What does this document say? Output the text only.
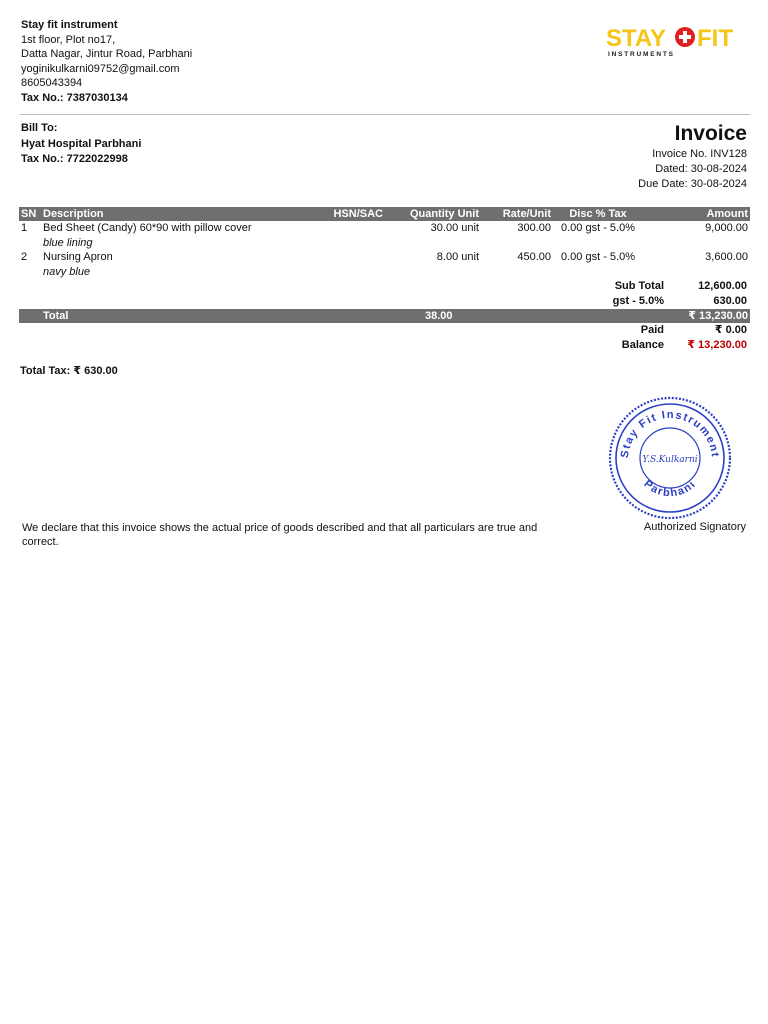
Stay fit instrument
1st floor, Plot no17,
Datta Nagar, Jintur Road, Parbhani
yoginikulkarni09752@gmail.com
8605043394
Tax No.: 7387030134
STAY FIT
I N S T R U M E N T S
Bill To:
Hyat Hospital Parbhani
Tax No.: 7722022998
Invoice
Invoice No. INV128
Dated: 30-08-2024
Due Date: 30-08-2024
SN	Description	HSN/SAC	Quantity Unit	Rate/Unit	Disc % Tax	Amount
1	Bed Sheet (Candy) 60*90 with pillow cover
blue lining		30.00 unit	300.00	0.00 gst - 5.0%	9,000.00
2	Nursing Apron
navy blue		8.00 unit	450.00	0.00 gst - 5.0%	3,600.00
Sub Total	12,600.00
gst - 5.0%	630.00
Total	38.00	₹ 13,230.00
Paid	₹ 0.00
Balance ₹ 13,230.00
Total Tax: ₹ 630.00
Stay Fit Instrument
Parbhani
Y.S.Kulkarni
We declare that this invoice shows the actual price of goods described and that all particulars are true and correct.
Authorized Signatory
